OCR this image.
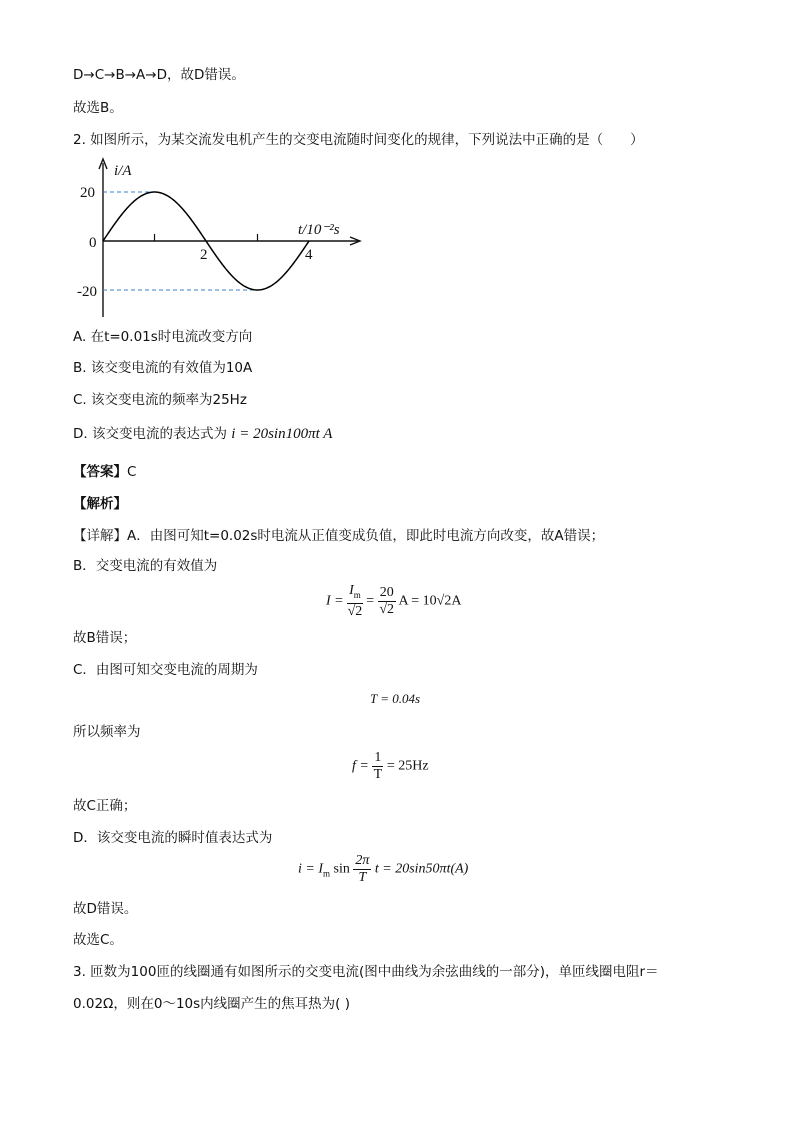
D→C→B→A→D，故D错误。
故选B。
2. 如图所示，为某交流发电机产生的交变电流随时间变化的规律，下列说法中正确的是（　　）
2	4
20
0
-20
i/A
t/10⁻²s
A. 在t=0.01s时电流改变方向
B. 该交变电流的有效值为10A
C. 该交变电流的频率为25Hz
D. 该交变电流的表达式为 i = 20sin100πt A
【答案】C
【解析】
【详解】A．由图可知t=0.02s时电流从正值变成负值，即此时电流方向改变，故A错误；
B．交变电流的有效值为
$I = \frac{I_m}{√2} = \frac{20}{√2}$ A = 10√2A
故B错误；
C．由图可知交变电流的周期为
T = 0.04s
所以频率为
$f = \frac{1}{T} = 25Hz$
故C正确；
D．该交变电流的瞬时值表达式为
$i = I_m$ $\sin \frac{2\pi}{T}$ t = 20sin50πt(A)
故D错误。
故选C。
3. 匝数为100匝的线圈通有如图所示的交变电流(图中曲线为余弦曲线的一部分)，单匝线圈电阻r＝
0.02Ω，则在0～10s内线圈产生的焦耳热为( )
